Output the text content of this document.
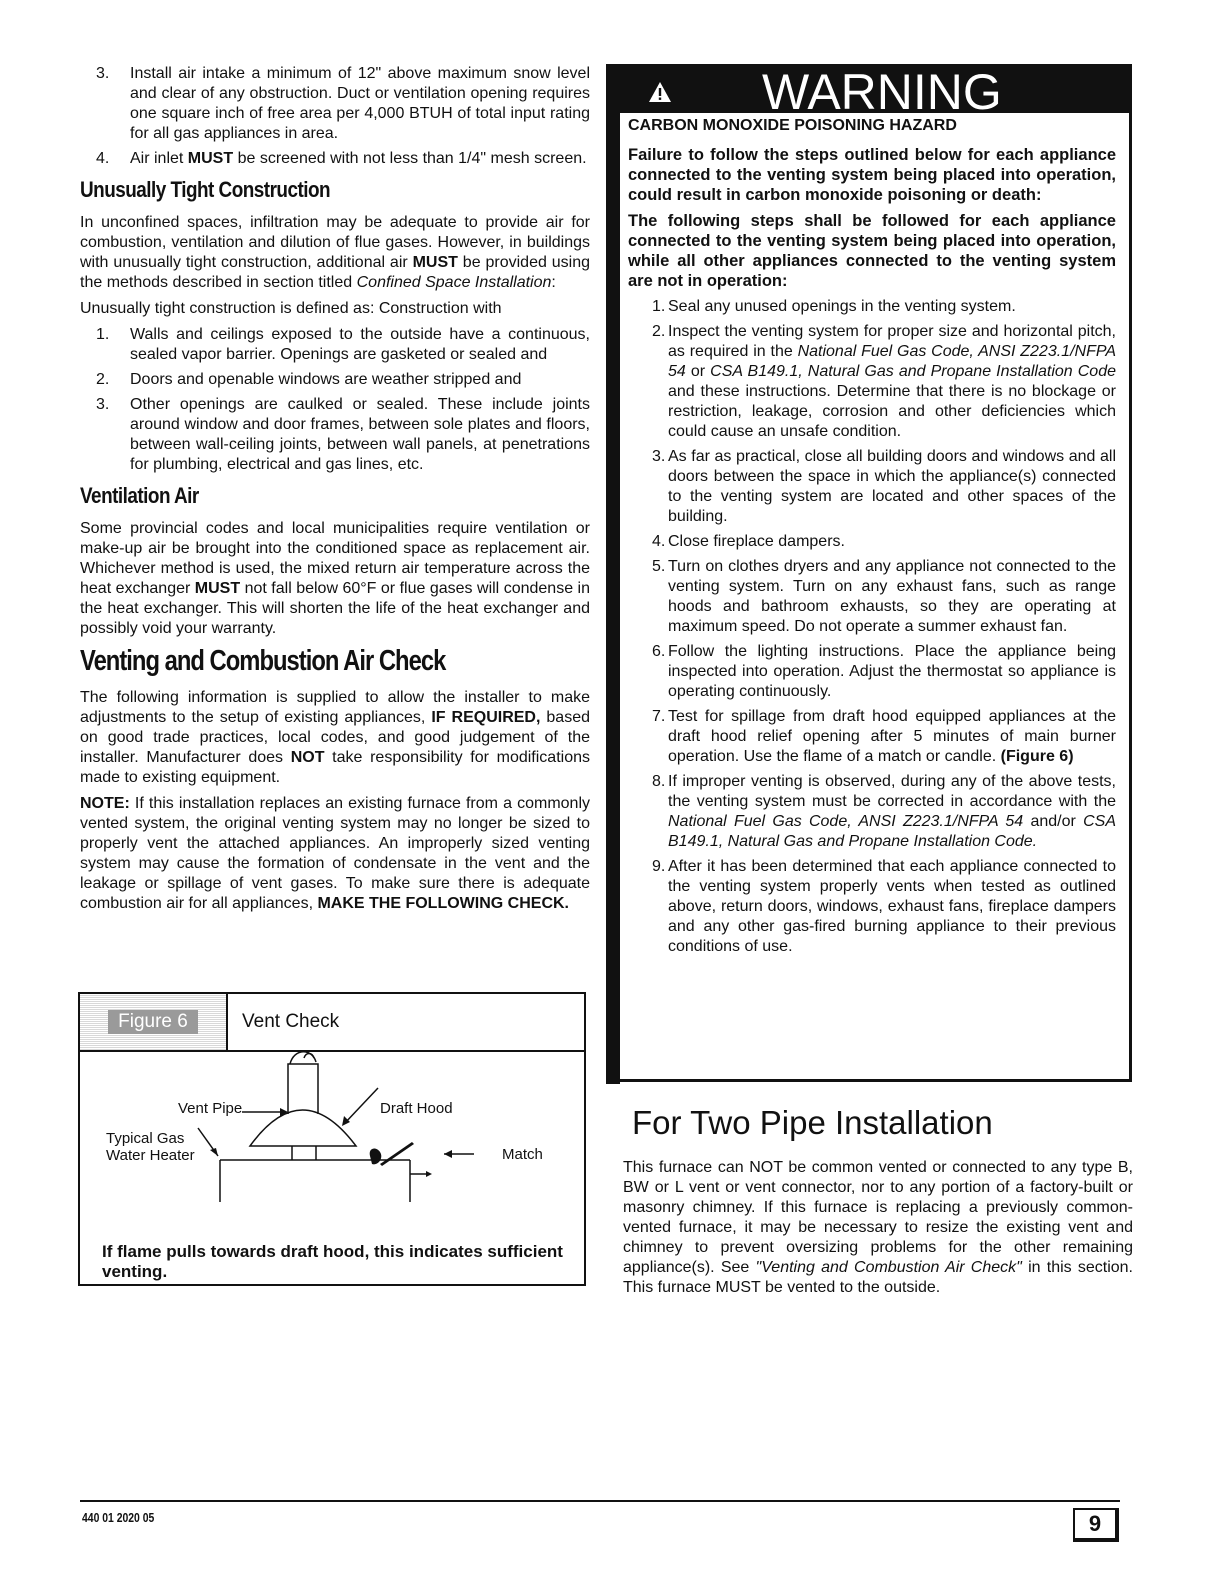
3. Install air intake a minimum of 12" above maximum snow level and clear of any obstruction. Duct or ventilation opening requires one square inch of free area per 4,000 BTUH of total input rating for all gas appliances in area.
4. Air inlet MUST be screened with not less than 1/4" mesh screen.
Unusually Tight Construction

In unconfined spaces, infiltration may be adequate to provide air for combustion, ventilation and dilution of flue gases. However, in buildings with unusually tight construction, additional air MUST be provided using the methods described in section titled Confined Space Installation:

Unusually tight construction is defined as: Construction with

1. Walls and ceilings exposed to the outside have a continuous, sealed vapor barrier. Openings are gasketed or sealed and
2. Doors and openable windows are weather stripped and
3. Other openings are caulked or sealed. These include joints around window and door frames, between sole plates and floors, between wall-ceiling joints, between wall panels, at penetrations for plumbing, electrical and gas lines, etc.
Ventilation Air

Some provincial codes and local municipalities require ventilation or make-up air be brought into the conditioned space as replacement air. Whichever method is used, the mixed return air temperature across the heat exchanger MUST not fall below 60°F or flue gases will condense in the heat exchanger. This will shorten the life of the heat exchanger and possibly void your warranty.

Venting and Combustion Air Check

The following information is supplied to allow the installer to make adjustments to the setup of existing appliances, IF REQUIRED, based on good trade practices, local codes, and good judgement of the installer. Manufacturer does NOT take responsibility for modifications made to existing equipment.

NOTE: If this installation replaces an existing furnace from a commonly vented system, the original venting system may no longer be sized to properly vent the attached appliances. An improperly sized venting system may cause the formation of condensate in the vent and the leakage or spillage of vent gases. To make sure there is adequate combustion air for all appliances, MAKE THE FOLLOWING CHECK.

Figure 6	Vent Check
Vent Pipe	Draft Hood
Typical Gas
Water Heater	Match
If flame pulls towards draft hood, this indicates sufficient venting.
WARNING
CARBON MONOXIDE POISONING HAZARD

Failure to follow the steps outlined below for each appliance connected to the venting system being placed into operation, could result in carbon monoxide poisoning or death:

The following steps shall be followed for each appliance connected to the venting system being placed into operation, while all other appliances connected to the venting system are not in operation:

1. Seal any unused openings in the venting system.
2. Inspect the venting system for proper size and horizontal pitch, as required in the National Fuel Gas Code, ANSI Z223.1/NFPA 54 or CSA B149.1, Natural Gas and Propane Installation Code and these instructions. Determine that there is no blockage or restriction, leakage, corrosion and other deficiencies which could cause an unsafe condition.
3. As far as practical, close all building doors and windows and all doors between the space in which the appliance(s) connected to the venting system are located and other spaces of the building.
4. Close fireplace dampers.
5. Turn on clothes dryers and any appliance not connected to the venting system. Turn on any exhaust fans, such as range hoods and bathroom exhausts, so they are operating at maximum speed. Do not operate a summer exhaust fan.
6. Follow the lighting instructions. Place the appliance being inspected into operation. Adjust the thermostat so appliance is operating continuously.
7. Test for spillage from draft hood equipped appliances at the draft hood relief opening after 5 minutes of main burner operation. Use the flame of a match or candle. (Figure 6)
8. If improper venting is observed, during any of the above tests, the venting system must be corrected in accordance with the National Fuel Gas Code, ANSI Z223.1/NFPA 54 and/or CSA B149.1, Natural Gas and Propane Installation Code.
9. After it has been determined that each appliance connected to the venting system properly vents when tested as outlined above, return doors, windows, exhaust fans, fireplace dampers and any other gas-fired burning appliance to their previous conditions of use.
For Two Pipe Installation

This furnace can NOT be common vented or connected to any type B, BW or L vent or vent connector, nor to any portion of a factory-built or masonry chimney. If this furnace is replacing a previously common-vented furnace, it may be necessary to resize the existing vent and chimney to prevent oversizing problems for the other remaining appliance(s). See "Venting and Combustion Air Check" in this section. This furnace MUST be vented to the outside.

440 01 2020 05	9
